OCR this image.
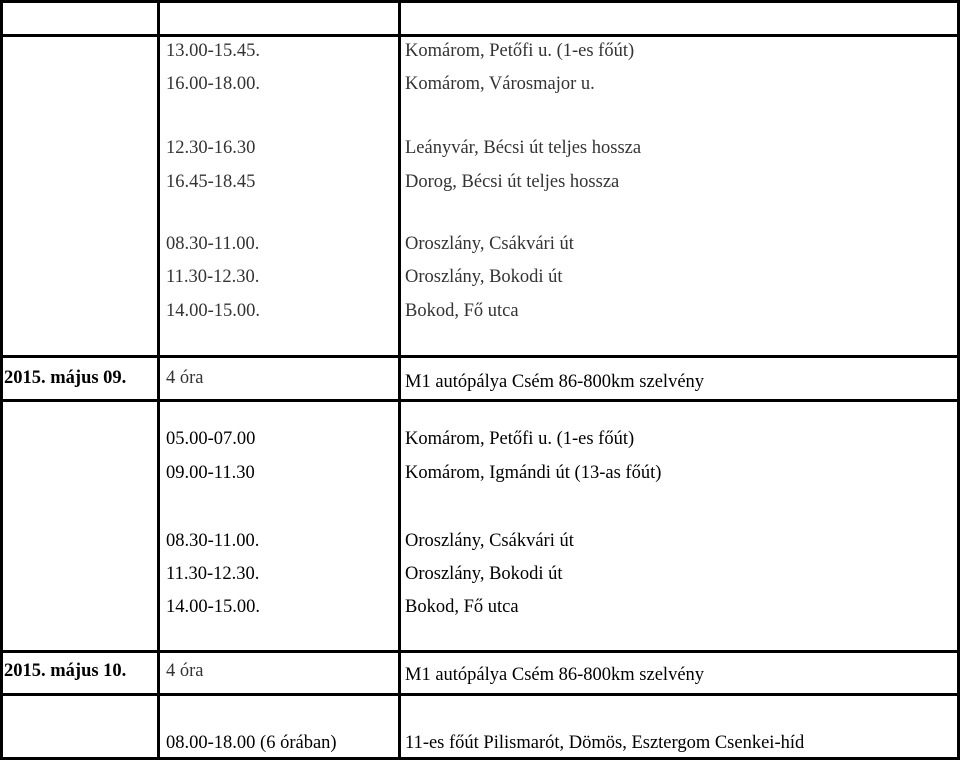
13.00-15.45.	Komárom, Petőfi u. (1-es főút)
16.00-18.00.	Komárom, Városmajor u.
12.30-16.30	Leányvár, Bécsi út teljes hossza
16.45-18.45	Dorog, Bécsi út teljes hossza
08.30-11.00.	Oroszlány, Csákvári út
11.30-12.30.	Oroszlány, Bokodi út
14.00-15.00.	Bokod, Fő utca
2015. május 09. 4 óra	M1 autópálya Csém 86-800km szelvény
05.00-07.00	Komárom, Petőfi u. (1-es főút)
09.00-11.30	Komárom, Igmándi út (13-as főút)
08.30-11.00.	Oroszlány, Csákvári út
11.30-12.30.	Oroszlány, Bokodi út
14.00-15.00.	Bokod, Fő utca
2015. május 10. 4 óra	M1 autópálya Csém 86-800km szelvény
08.00-18.00 (6 órában)	11-es főút Pilismarót, Dömös, Esztergom Csenkei-híd
